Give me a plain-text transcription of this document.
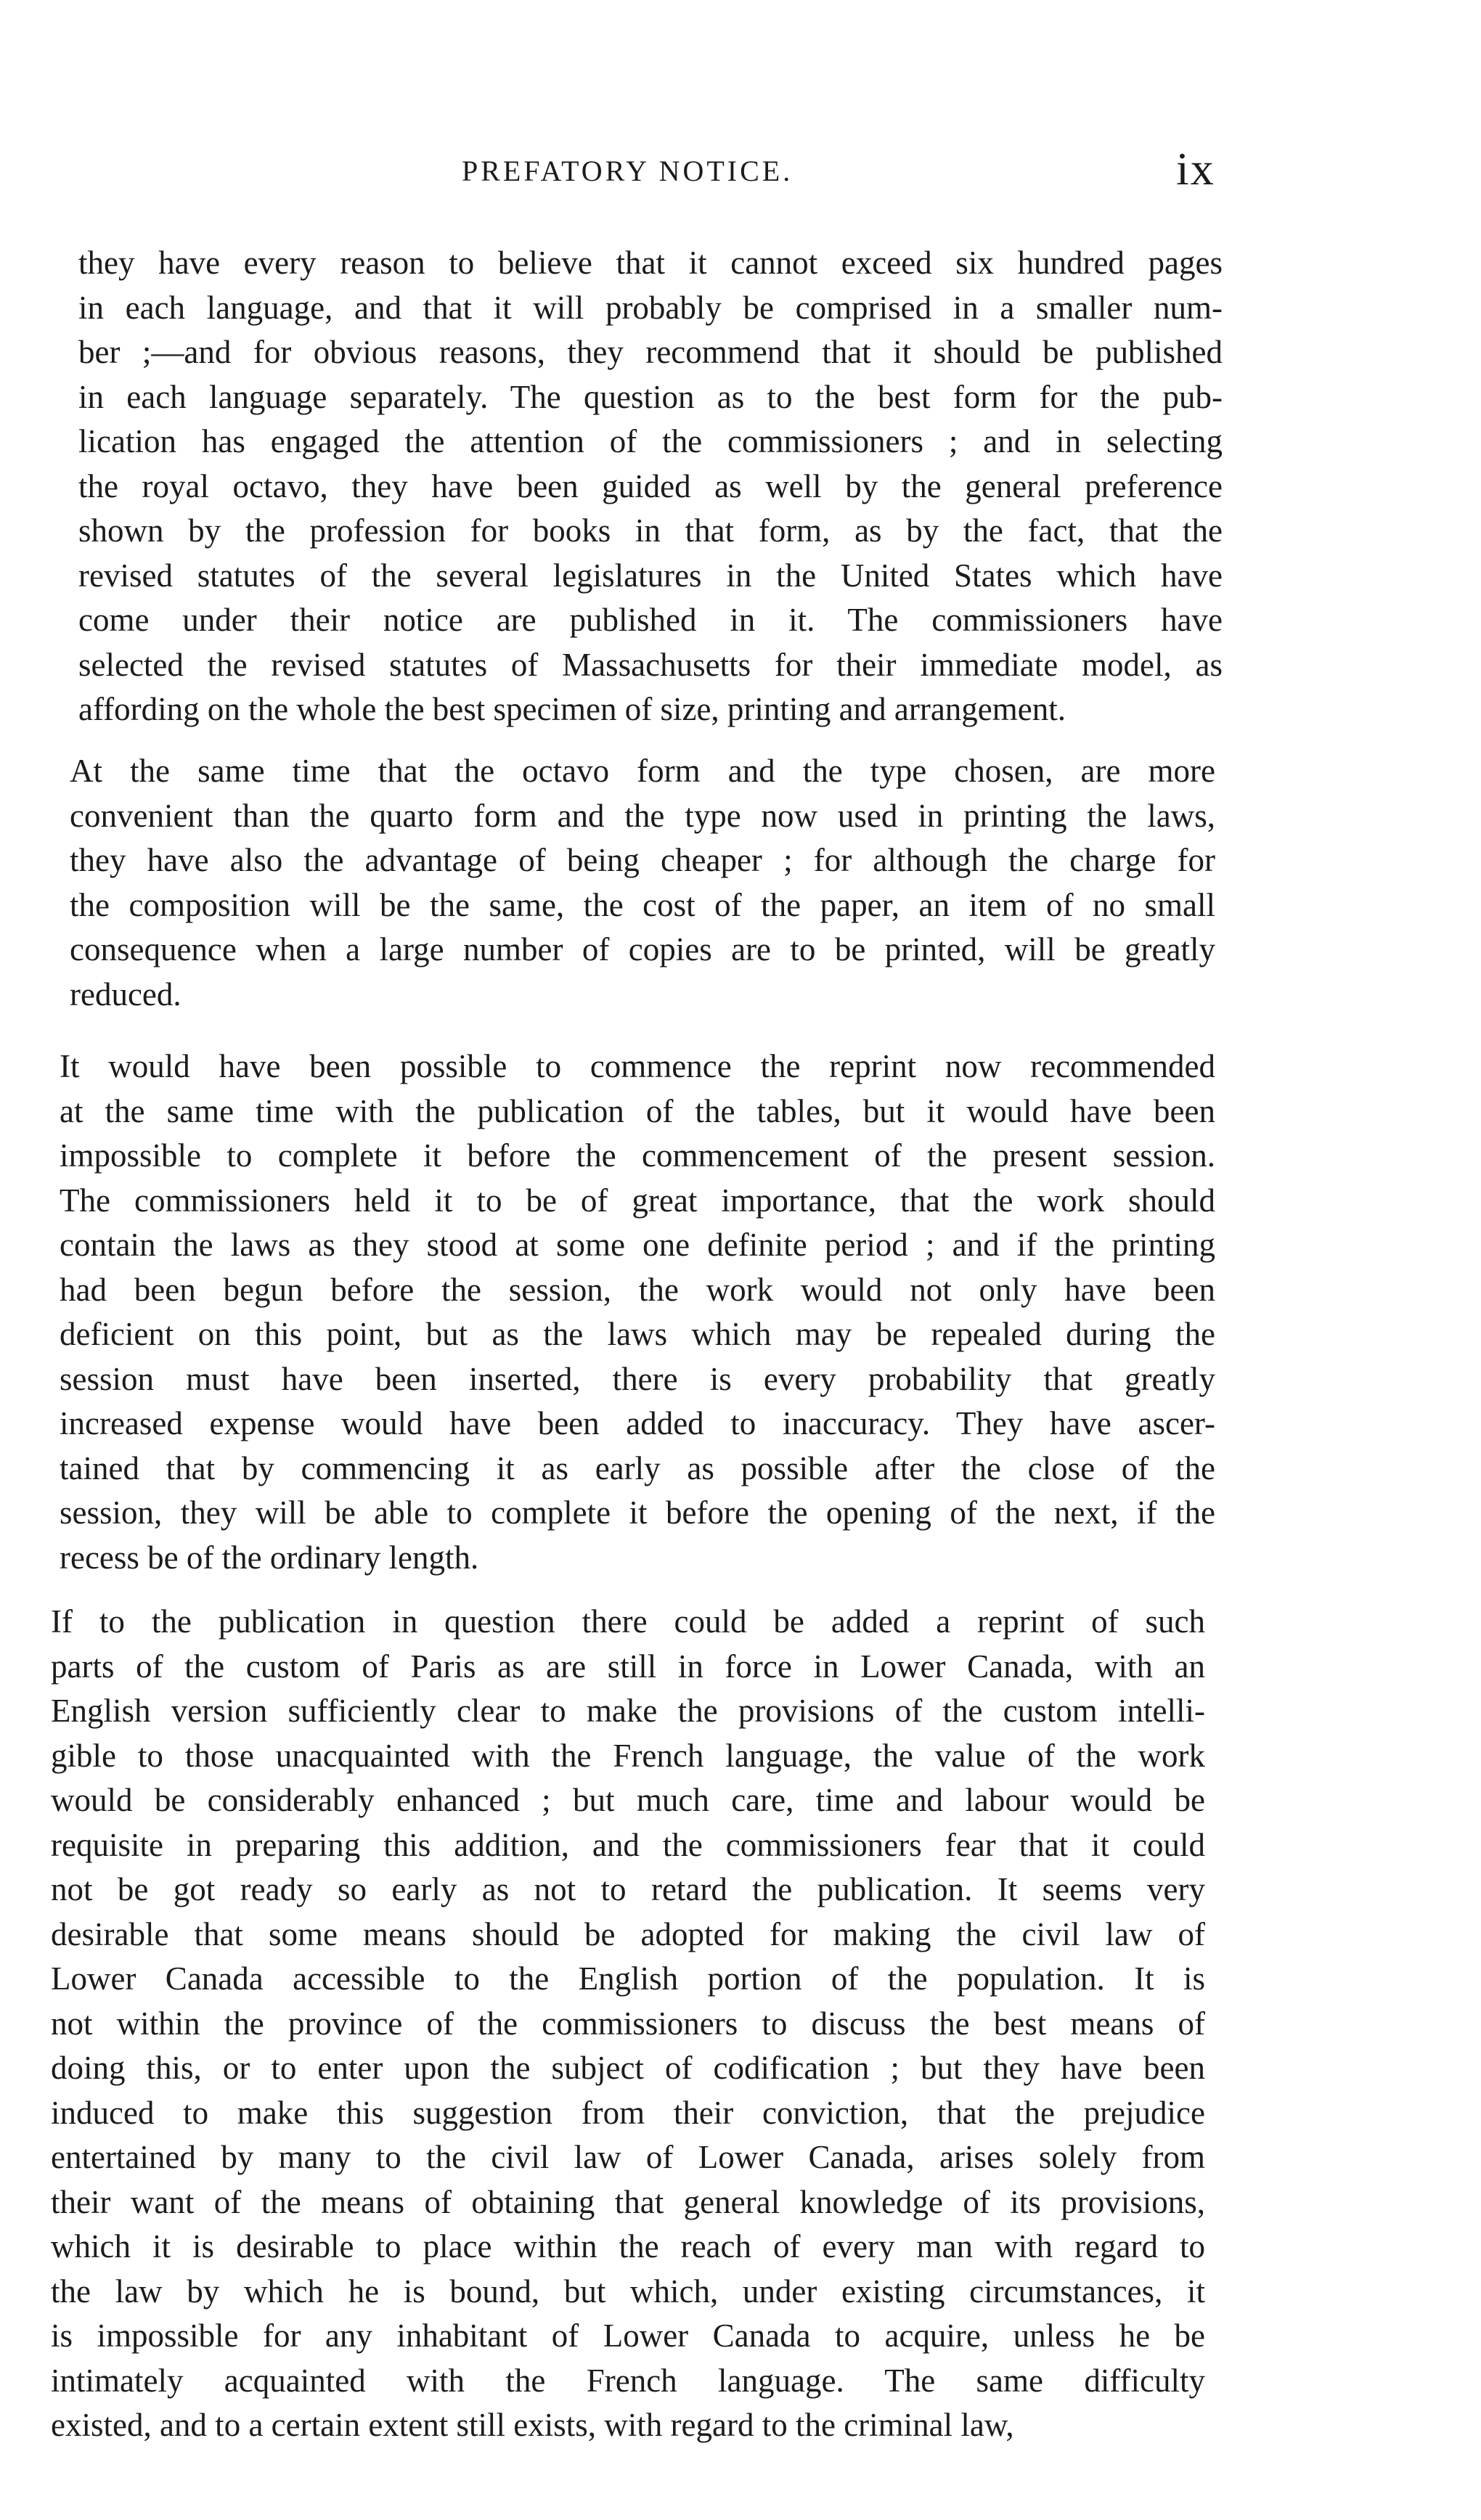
PREFATORY NOTICE.	ix
they have every reason to believe that it cannot exceed six hundred pages
in each language, and that it will probably be comprised in a smaller num-
ber ;—and for obvious reasons, they recommend that it should be published
in each language separately. The question as to the best form for the pub-
lication has engaged the attention of the commissioners ; and in selecting
the royal octavo, they have been guided as well by the general preference
shown by the profession for books in that form, as by the fact, that the
revised statutes of the several legislatures in the United States which have
come under their notice are published in it. The commissioners have
selected the revised statutes of Massachusetts for their immediate model, as
affording on the whole the best specimen of size, printing and arrangement.
At the same time that the octavo form and the type chosen, are more
convenient than the quarto form and the type now used in printing the laws,
they have also the advantage of being cheaper ; for although the charge for
the composition will be the same, the cost of the paper, an item of no small
consequence when a large number of copies are to be printed, will be greatly
reduced.
It would have been possible to commence the reprint now recommended
at the same time with the publication of the tables, but it would have been
impossible to complete it before the commencement of the present session.
The commissioners held it to be of great importance, that the work should
contain the laws as they stood at some one definite period ; and if the printing
had been begun before the session, the work would not only have been
deficient on this point, but as the laws which may be repealed during the
session must have been inserted, there is every probability that greatly
increased expense would have been added to inaccuracy. They have ascer-
tained that by commencing it as early as possible after the close of the
session, they will be able to complete it before the opening of the next, if the
recess be of the ordinary length.
If to the publication in question there could be added a reprint of such
parts of the custom of Paris as are still in force in Lower Canada, with an
English version sufficiently clear to make the provisions of the custom intelli-
gible to those unacquainted with the French language, the value of the work
would be considerably enhanced ; but much care, time and labour would be
requisite in preparing this addition, and the commissioners fear that it could
not be got ready so early as not to retard the publication. It seems very
desirable that some means should be adopted for making the civil law of
Lower Canada accessible to the English portion of the population. It is
not within the province of the commissioners to discuss the best means of
doing this, or to enter upon the subject of codification ; but they have been
induced to make this suggestion from their conviction, that the prejudice
entertained by many to the civil law of Lower Canada, arises solely from
their want of the means of obtaining that general knowledge of its provisions,
which it is desirable to place within the reach of every man with regard to
the law by which he is bound, but which, under existing circumstances, it
is impossible for any inhabitant of Lower Canada to acquire, unless he be
intimately acquainted with the French language. The same difficulty
existed, and to a certain extent still exists, with regard to the criminal law,
